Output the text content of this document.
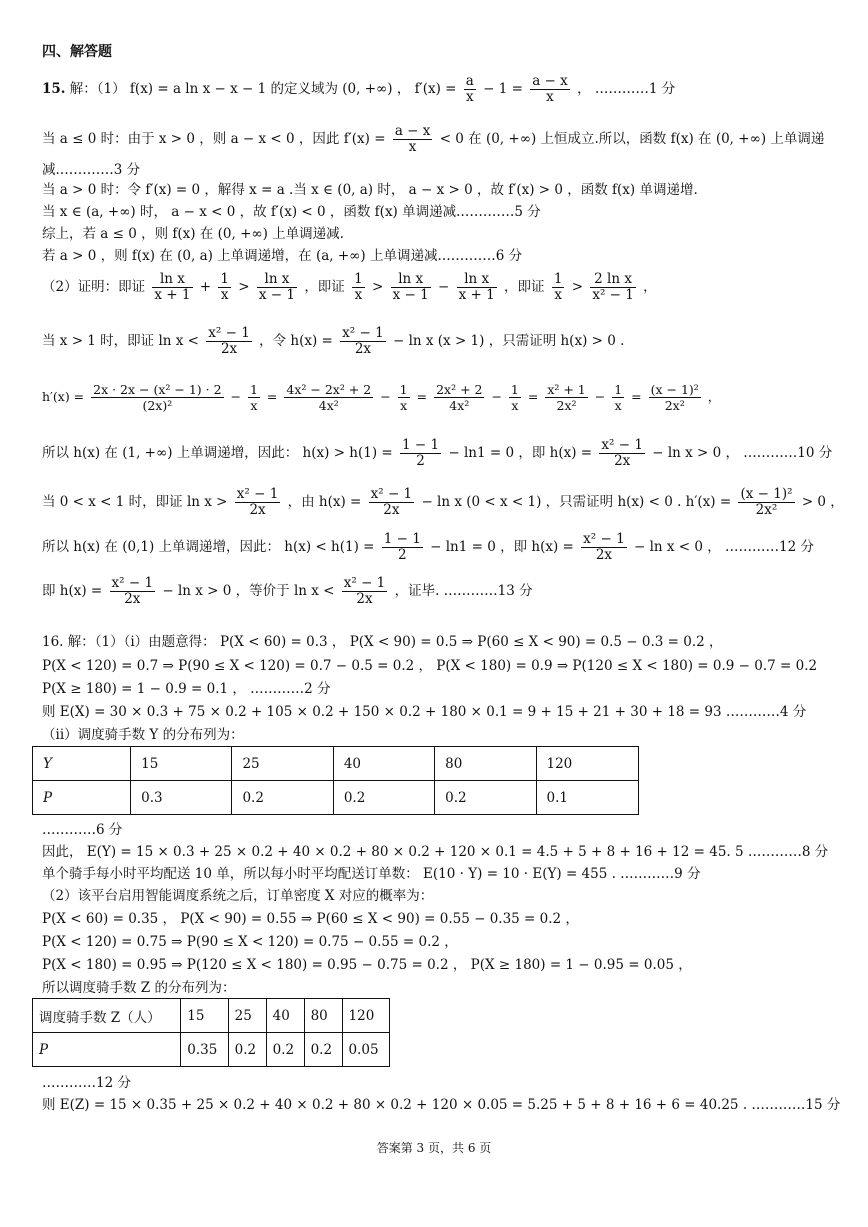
四、解答题
15. 解：（1） f(x) = a ln x − x − 1 的定义域为 (0, +∞) ， $f'(x) = \frac{a}{x} - 1 = \frac{a - x}{x}$ ， …………1 分
当 a ≤ 0 时：由于 x > 0 ，则 a − x < 0 ，因此 $f'(x) = \frac{a - x}{x} < 0$ 在 (0, +∞) 上恒成立.所以，函数 f(x) 在 (0, +∞) 上单调递
减.…………3 分
当 a > 0 时：令 f′(x) = 0 ，解得 x = a .当 x ∈ (0, a) 时， a − x > 0 ，故 f′(x) > 0 ，函数 f(x) 单调递增.
当 x ∈ (a, +∞) 时， a − x < 0 ，故 f′(x) < 0 ，函数 f(x) 单调递减.…………5 分
综上，若 a ≤ 0 ，则 f(x) 在 (0, +∞) 上单调递减.
若 a > 0 ，则 f(x) 在 (0, a) 上单调递增，在 (a, +∞) 上单调递减.…………6 分
（2）证明：即证 $\frac{\text{ln x}}{x + 1} + \frac{1}{x} > \frac{\text{ln x}}{x - 1}$ ，即证 $\frac{1}{x} > \frac{\text{ln x}}{x - 1} - \frac{\text{ln x}}{x + 1}$ ，即证 $\frac{1}{x} > \frac{\text{2 ln x}}{\text{x² − 1}}$ ，
当 x > 1 时，即证 $\ln x < \frac{\text{x² − 1}}{2x}$ ，令 $h(x) = \frac{\text{x² − 1}}{2x} - \ln x$ (x > 1) ，只需证明 h(x) > 0 .
$h'(x) = \frac{\text{2x · 2x − (x² − 1) · 2}}{\text{(2x)²}} - \frac{1}{x} = \frac{\text{4x² − 2x² + 2}}{\text{4x²}} - \frac{1}{x} = \frac{\text{2x² + 2}}{\text{4x²}} - \frac{1}{x} = \frac{\text{x² + 1}}{\text{2x²}} - \frac{1}{x} = \frac{\text{(x − 1)²}}{\text{2x²}}$ ，
所以 h(x) 在 (1, +∞) 上单调递增，因此： $h(x) > h(1) = \frac{1 - 1}{2} - \ln 1 = 0$ ，即 $h(x) = \frac{\text{x² − 1}}{2x} - \ln x > 0$ ， …………10 分
当 0 < x < 1 时，即证 $\ln x > \frac{\text{x² − 1}}{2x}$ ，由 $h(x) = \frac{\text{x² − 1}}{2x} - \ln x$ (0 < x < 1) ，只需证明 h(x) < 0 . $h'(x) = \frac{\text{(x − 1)²}}{\text{2x²}} > 0$ ，
所以 h(x) 在 (0,1) 上单调递增，因此： $h(x) < h(1) = \frac{1 - 1}{2} - \ln 1 = 0$ ，即 $h(x) = \frac{\text{x² − 1}}{2x} - \ln x < 0$ ， …………12 分
即 $h(x) = \frac{\text{x² − 1}}{2x} - \ln x > 0$ ，等价于 $\ln x < \frac{\text{x² − 1}}{2x}$ ，证毕. …………13 分
16. 解：（1）（i）由题意得： P(X < 60) = 0.3 ， P(X < 90) = 0.5 ⇒ P(60 ≤ X < 90) = 0.5 − 0.3 = 0.2 ，
P(X < 120) = 0.7 ⇒ P(90 ≤ X < 120) = 0.7 − 0.5 = 0.2 ， P(X < 180) = 0.9 ⇒ P(120 ≤ X < 180) = 0.9 − 0.7 = 0.2
P(X ≥ 180) = 1 − 0.9 = 0.1 ， …………2 分
则 E(X) = 30 × 0.3 + 75 × 0.2 + 105 × 0.2 + 150 × 0.2 + 180 × 0.1 = 9 + 15 + 21 + 30 + 18 = 93 …………4 分
（ii）调度骑手数 Y 的分布列为：
Y	15	25	40	80	120
P	0.3	0.2	0.2	0.2	0.1
…………6 分
因此， E(Y) = 15 × 0.3 + 25 × 0.2 + 40 × 0.2 + 80 × 0.2 + 120 × 0.1 = 4.5 + 5 + 8 + 16 + 12 = 45. 5 …………8 分
单个骑手每小时平均配送 10 单，所以每小时平均配送订单数： E(10 · Y) = 10 · E(Y) = 455 . …………9 分
（2）该平台启用智能调度系统之后，订单密度 X 对应的概率为：
P(X < 60) = 0.35 ， P(X < 90) = 0.55 ⇒ P(60 ≤ X < 90) = 0.55 − 0.35 = 0.2 ，
P(X < 120) = 0.75 ⇒ P(90 ≤ X < 120) = 0.75 − 0.55 = 0.2 ，
P(X < 180) = 0.95 ⇒ P(120 ≤ X < 180) = 0.95 − 0.75 = 0.2 ， P(X ≥ 180) = 1 − 0.95 = 0.05 ，
所以调度骑手数 Z 的分布列为：
调度骑手数 Z（人）	15	25	40	80	120
P	0.35	0.2	0.2	0.2	0.05
…………12 分
则 E(Z) = 15 × 0.35 + 25 × 0.2 + 40 × 0.2 + 80 × 0.2 + 120 × 0.05 = 5.25 + 5 + 8 + 16 + 6 = 40.25 . …………15 分
答案第 3 页，共 6 页
